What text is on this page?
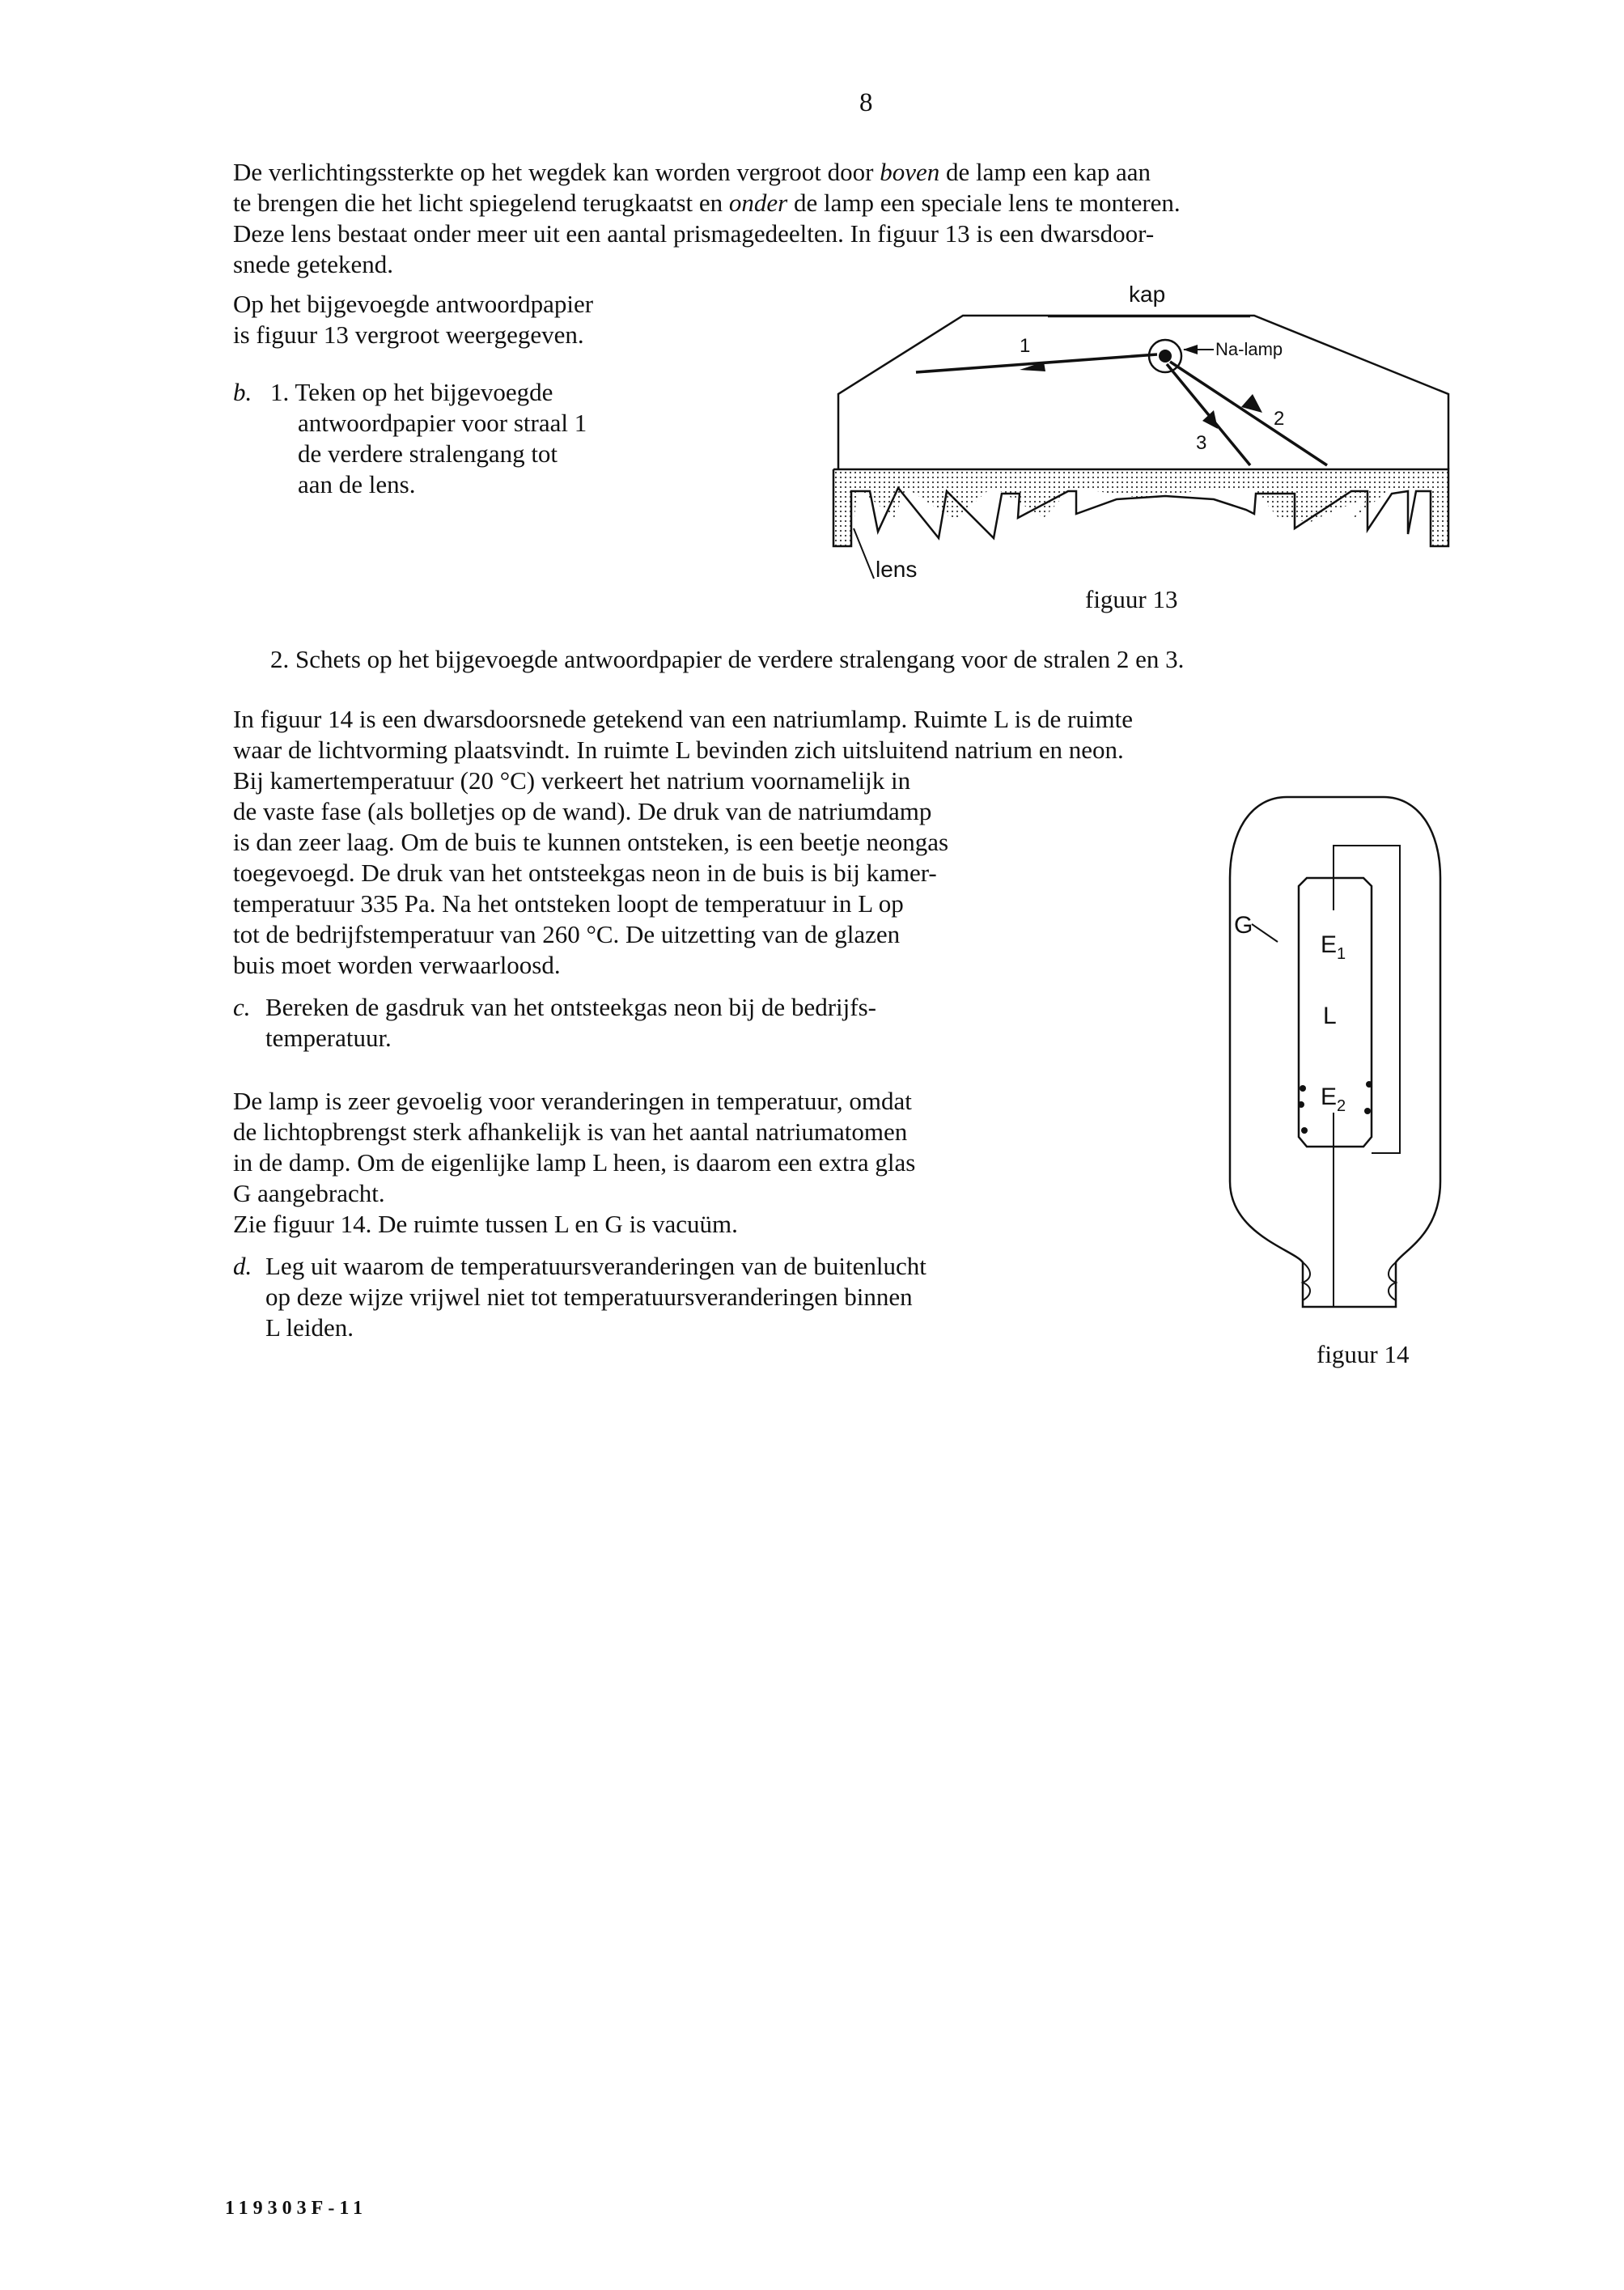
8
De verlichtingssterkte op het wegdek kan worden vergroot door boven de lamp een kap aan
te brengen die het licht spiegelend terugkaatst en onder de lamp een speciale lens te monteren.
Deze lens bestaat onder meer uit een aantal prismagedeelten. In figuur 13 is een dwarsdoor-
snede getekend.
Op het bijgevoegde antwoordpapier
is figuur 13 vergroot weergegeven.
b. 1. Teken op het bijgevoegde
antwoordpapier voor straal 1
de verdere stralengang tot
aan de lens.
kap
Na-lamp
1
2
3
lens
figuur 13
2. Schets op het bijgevoegde antwoordpapier de verdere stralengang voor de stralen 2 en 3.
In figuur 14 is een dwarsdoorsnede getekend van een natriumlamp. Ruimte L is de ruimte
waar de lichtvorming plaatsvindt. In ruimte L bevinden zich uitsluitend natrium en neon.
Bij kamertemperatuur (20 °C) verkeert het natrium voornamelijk in
de vaste fase (als bolletjes op de wand). De druk van de natriumdamp
is dan zeer laag. Om de buis te kunnen ontsteken, is een beetje neongas
toegevoegd. De druk van het ontsteekgas neon in de buis is bij kamer-
temperatuur 335 Pa. Na het ontsteken loopt de temperatuur in L op
tot de bedrijfstemperatuur van 260 °C. De uitzetting van de glazen
buis moet worden verwaarloosd.
c. Bereken de gasdruk van het ontsteekgas neon bij de bedrijfs-
temperatuur.
De lamp is zeer gevoelig voor veranderingen in temperatuur, omdat
de lichtopbrengst sterk afhankelijk is van het aantal natriumatomen
in de damp. Om de eigenlijke lamp L heen, is daarom een extra glas
G aangebracht.
Zie figuur 14. De ruimte tussen L en G is vacuüm.
d. Leg uit waarom de temperatuursveranderingen van de buitenlucht
op deze wijze vrijwel niet tot temperatuursveranderingen binnen
L leiden.
$E_1$
L
$E_2$
G
figuur 14
119303F-11
